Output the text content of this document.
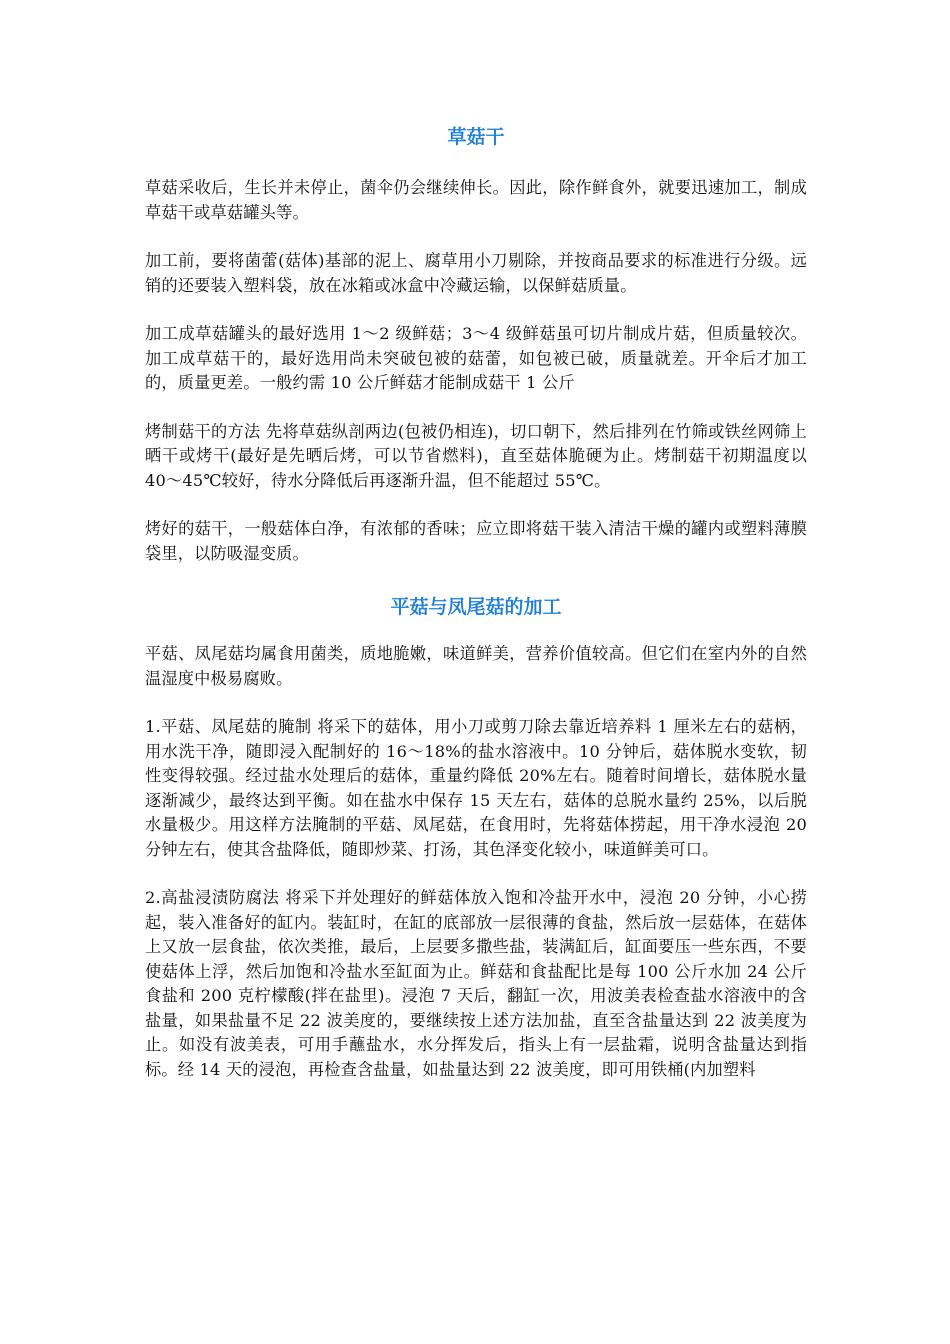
草菇干

草菇采收后，生长并未停止，菌伞仍会继续伸长。因此，除作鲜食外，就要迅速加工，制成草菇干或草菇罐头等。

加工前，要将菌蕾(菇体)基部的泥上、腐草用小刀剔除，并按商品要求的标准进行分级。远销的还要装入塑料袋，放在冰箱或冰盒中冷藏运输，以保鲜菇质量。

加工成草菇罐头的最好选用 1～2 级鲜菇；3～4 级鲜菇虽可切片制成片菇，但质量较次。加工成草菇干的，最好选用尚未突破包被的菇蕾，如包被已破，质量就差。开伞后才加工的，质量更差。一般约需 10 公斤鲜菇才能制成菇干 1 公斤

烤制菇干的方法 先将草菇纵剖两边(包被仍相连)，切口朝下，然后排列在竹筛或铁丝网筛上晒干或烤干(最好是先晒后烤，可以节省燃料)，直至菇体脆硬为止。烤制菇干初期温度以 40～45℃较好，待水分降低后再逐渐升温，但不能超过 55℃。

烤好的菇干，一般菇体白净，有浓郁的香味；应立即将菇干装入清洁干燥的罐内或塑料薄膜袋里，以防吸湿变质。

平菇与凤尾菇的加工

平菇、凤尾菇均属食用菌类，质地脆嫩，味道鲜美，营养价值较高。但它们在室内外的自然温湿度中极易腐败。

1.平菇、凤尾菇的腌制 将采下的菇体，用小刀或剪刀除去靠近培养料 1 厘米左右的菇柄，用水洗干净，随即浸入配制好的 16～18%的盐水溶液中。10 分钟后，菇体脱水变软，韧性变得较强。经过盐水处理后的菇体，重量约降低 20%左右。随着时间增长，菇体脱水量逐渐减少，最终达到平衡。如在盐水中保存 15 天左右，菇体的总脱水量约 25%，以后脱水量极少。用这样方法腌制的平菇、凤尾菇，在食用时，先将菇体捞起，用干净水浸泡 20 分钟左右，使其含盐降低，随即炒菜、打汤，其色泽变化较小，味道鲜美可口。

2.高盐浸渍防腐法 将采下并处理好的鲜菇体放入饱和冷盐开水中，浸泡 20 分钟，小心捞起，装入准备好的缸内。装缸时，在缸的底部放一层很薄的食盐，然后放一层菇体，在菇体上又放一层食盐，依次类推，最后，上层要多撒些盐，装满缸后，缸面要压一些东西，不要使菇体上浮，然后加饱和冷盐水至缸面为止。鲜菇和食盐配比是每 100 公斤水加 24 公斤食盐和 200 克柠檬酸(拌在盐里)。浸泡 7 天后，翻缸一次，用波美表检查盐水溶液中的含盐量，如果盐量不足 22 波美度的，要继续按上述方法加盐，直至含盐量达到 22 波美度为止。如没有波美表，可用手蘸盐水，水分挥发后，指头上有一层盐霜，说明含盐量达到指标。经 14 天的浸泡，再检查含盐量，如盐量达到 22 波美度，即可用铁桶(内加塑料
